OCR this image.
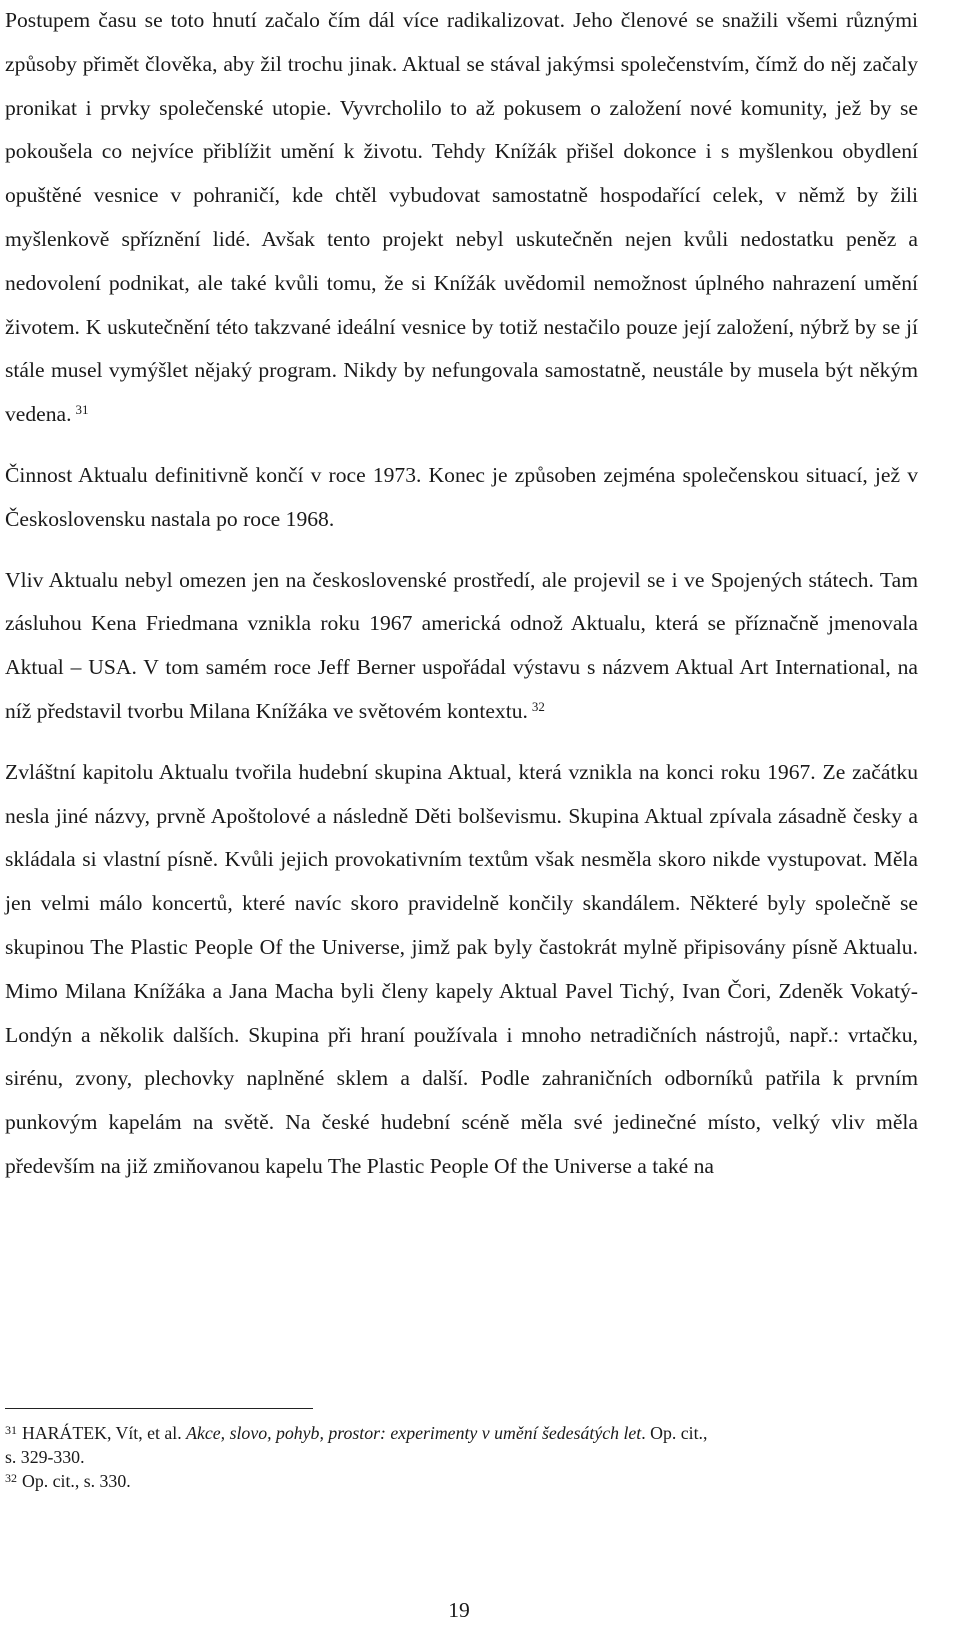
Postupem času se toto hnutí začalo čím dál více radikalizovat. Jeho členové se snažili všemi různými způsoby přimět člověka, aby žil trochu jinak. Aktual se stával jakýmsi společenstvím, čímž do něj začaly pronikat i prvky společenské utopie. Vyvrcholilo to až pokusem o založení nové komunity, jež by se pokoušela co nejvíce přiblížit umění k životu. Tehdy Knížák přišel dokonce i s myšlenkou obydlení opuštěné vesnice v pohraničí, kde chtěl vybudovat samostatně hospodařící celek, v němž by žili myšlenkově spříznění lidé. Avšak tento projekt nebyl uskutečněn nejen kvůli nedostatku peněz a nedovolení podnikat, ale také kvůli tomu, že si Knížák uvědomil nemožnost úplného nahrazení umění životem. K uskutečnění této takzvané ideální vesnice by totiž nestačilo pouze její založení, nýbrž by se jí stále musel vymýšlet nějaký program. Nikdy by nefungovala samostatně, neustále by musela být někým vedena. $^{31}$

Činnost Aktualu definitivně končí v roce 1973. Konec je způsoben zejména společenskou situací, jež v Československu nastala po roce 1968.

Vliv Aktualu nebyl omezen jen na československé prostředí, ale projevil se i ve Spojených státech. Tam zásluhou Kena Friedmana vznikla roku 1967 americká odnož Aktualu, která se příznačně jmenovala Aktual – USA. V tom samém roce Jeff Berner uspořádal výstavu s názvem Aktual Art International, na níž představil tvorbu Milana Knížáka ve světovém kontextu. $^{32}$

Zvláštní kapitolu Aktualu tvořila hudební skupina Aktual, která vznikla na konci roku 1967. Ze začátku nesla jiné názvy, prvně Apoštolové a následně Děti bolševismu. Skupina Aktual zpívala zásadně česky a skládala si vlastní písně. Kvůli jejich provokativním textům však nesměla skoro nikde vystupovat. Měla jen velmi málo koncertů, které navíc skoro pravidelně končily skandálem. Některé byly společně se skupinou The Plastic People Of the Universe, jimž pak byly častokrát mylně připisovány písně Aktualu. Mimo Milana Knížáka a Jana Macha byli členy kapely Aktual Pavel Tichý, Ivan Čori, Zdeněk Vokatý-Londýn a několik dalších. Skupina při hraní používala i mnoho netradičních nástrojů, např.: vrtačku, sirénu, zvony, plechovky naplněné sklem a další. Podle zahraničních odborníků patřila k prvním punkovým kapelám na světě. Na české hudební scéně měla své jedinečné místo, velký vliv měla především na již zmiňovanou kapelu The Plastic People Of the Universe a také na

$^{31}$ HARÁTEK, Vít, et al. Akce, slovo, pohyb, prostor: experimenty v umění šedesátých let. Op. cit.,

s. 329-330.

$^{32}$ Op. cit., s. 330.

19
